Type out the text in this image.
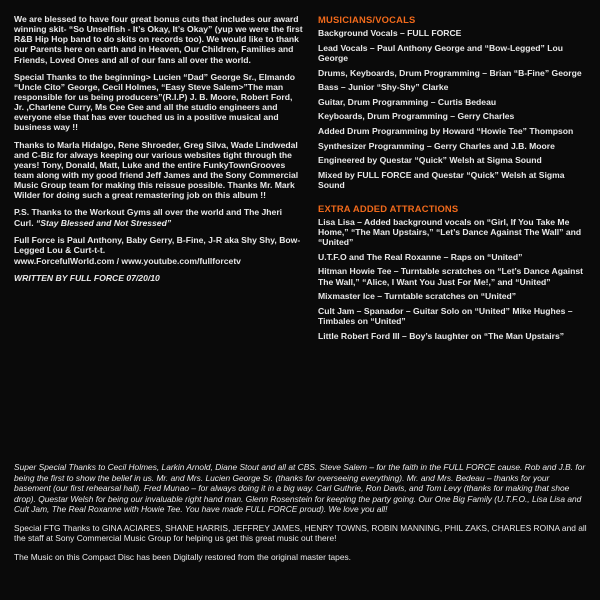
We are blessed to have four great bonus cuts that includes our award winning skit- “So Unselfish - It’s Okay, It’s Okay” (yup we were the first R&B Hip Hop band to do skits on records too). We would like to thank our Parents here on earth and in Heaven, Our Children, Families and Friends, Loved Ones and all of our fans all over the world.

Special Thanks to the beginning> Lucien “Dad” George Sr., Elmando “Uncle Cito” George, Cecil Holmes, “Easy Steve Salem>”The man responsible for us being producers”(R.I.P) J. B. Moore, Robert Ford, Jr. ,Charlene Curry, Ms Cee Gee and all the studio engineers and everyone else that has ever touched us in a positive musical and business way !!

Thanks to Marla Hidalgo, Rene Shroeder, Greg Silva, Wade Lindwedal and C-Biz for always keeping our various websites tight through the years! Tony, Donald, Matt, Luke and the entire FunkyTownGrooves team along with my good friend Jeff James and the Sony Commercial Music Group team for making this reissue possible. Thanks Mr. Mark Wilder for doing such a great remastering job on this album !!

P.S. Thanks to the Workout Gyms all over the world and The Jheri Curl. “Stay Blessed and Not Stressed”

Full Force is Paul Anthony, Baby Gerry, B-Fine, J-R aka Shy Shy, Bow-Legged Lou & Curt-t-t.

www.ForcefulWorld.com / www.youtube.com/fullforcetv

WRITTEN BY FULL FORCE 07/20/10

MUSICIANS/VOCALS
Background Vocals – FULL FORCE
Lead Vocals – Paul Anthony George and “Bow-Legged” Lou George
Drums, Keyboards, Drum Programming – Brian “B-Fine” George
Bass – Junior “Shy-Shy” Clarke
Guitar, Drum Programming – Curtis Bedeau
Keyboards, Drum Programming – Gerry Charles
Added Drum Programming by Howard “Howie Tee” Thompson
Synthesizer Programming – Gerry Charles and J.B. Moore
Engineered by Questar “Quick” Welsh at Sigma Sound
Mixed by FULL FORCE and Questar “Quick” Welsh at Sigma Sound
EXTRA ADDED ATTRACTIONS
Lisa Lisa – Added background vocals on “Girl, If You Take Me Home,” “The Man Upstairs,” “Let’s Dance Against The Wall” and “United”
U.T.F.O and The Real Roxanne – Raps on “United”
Hitman Howie Tee – Turntable scratches on “Let’s Dance Against The Wall,” “Alice, I Want You Just For Me!,” and “United”
Mixmaster Ice – Turntable scratches on “United”
Cult Jam – Spanador – Guitar Solo on “United” Mike Hughes – Timbales on “United”
Little Robert Ford III – Boy’s laughter on “The Man Upstairs”

Super Special Thanks to Cecil Holmes, Larkin Arnold, Diane Stout and all at CBS. Steve Salem – for the faith in the FULL FORCE cause. Rob and J.B. for being the first to show the belief in us. Mr. and Mrs. Lucien George Sr. (thanks for overseeing everything). Mr. and Mrs. Bedeau – thanks for your basement (our first rehearsal hall). Fred Munao – for always doing it in a big way. Carl Guthrie, Ron Davis, and Tom Levy (thanks for making that shoe drop). Questar Welsh for being our invaluable right hand man. Glenn Rosenstein for keeping the party going. Our One Big Family (U.T.F.O., Lisa Lisa and Cult Jam, The Real Roxanne with Howie Tee. You have made FULL FORCE proud). We love you all!

Special FTG Thanks to GINA ACIARES, SHANE HARRIS, JEFFREY JAMES, HENRY TOWNS, ROBIN MANNING, PHIL ZAKS, CHARLES ROINA and all the staff at Sony Commercial Music Group for helping us get this great music out there!

The Music on this Compact Disc has been Digitally restored from the original master tapes.
